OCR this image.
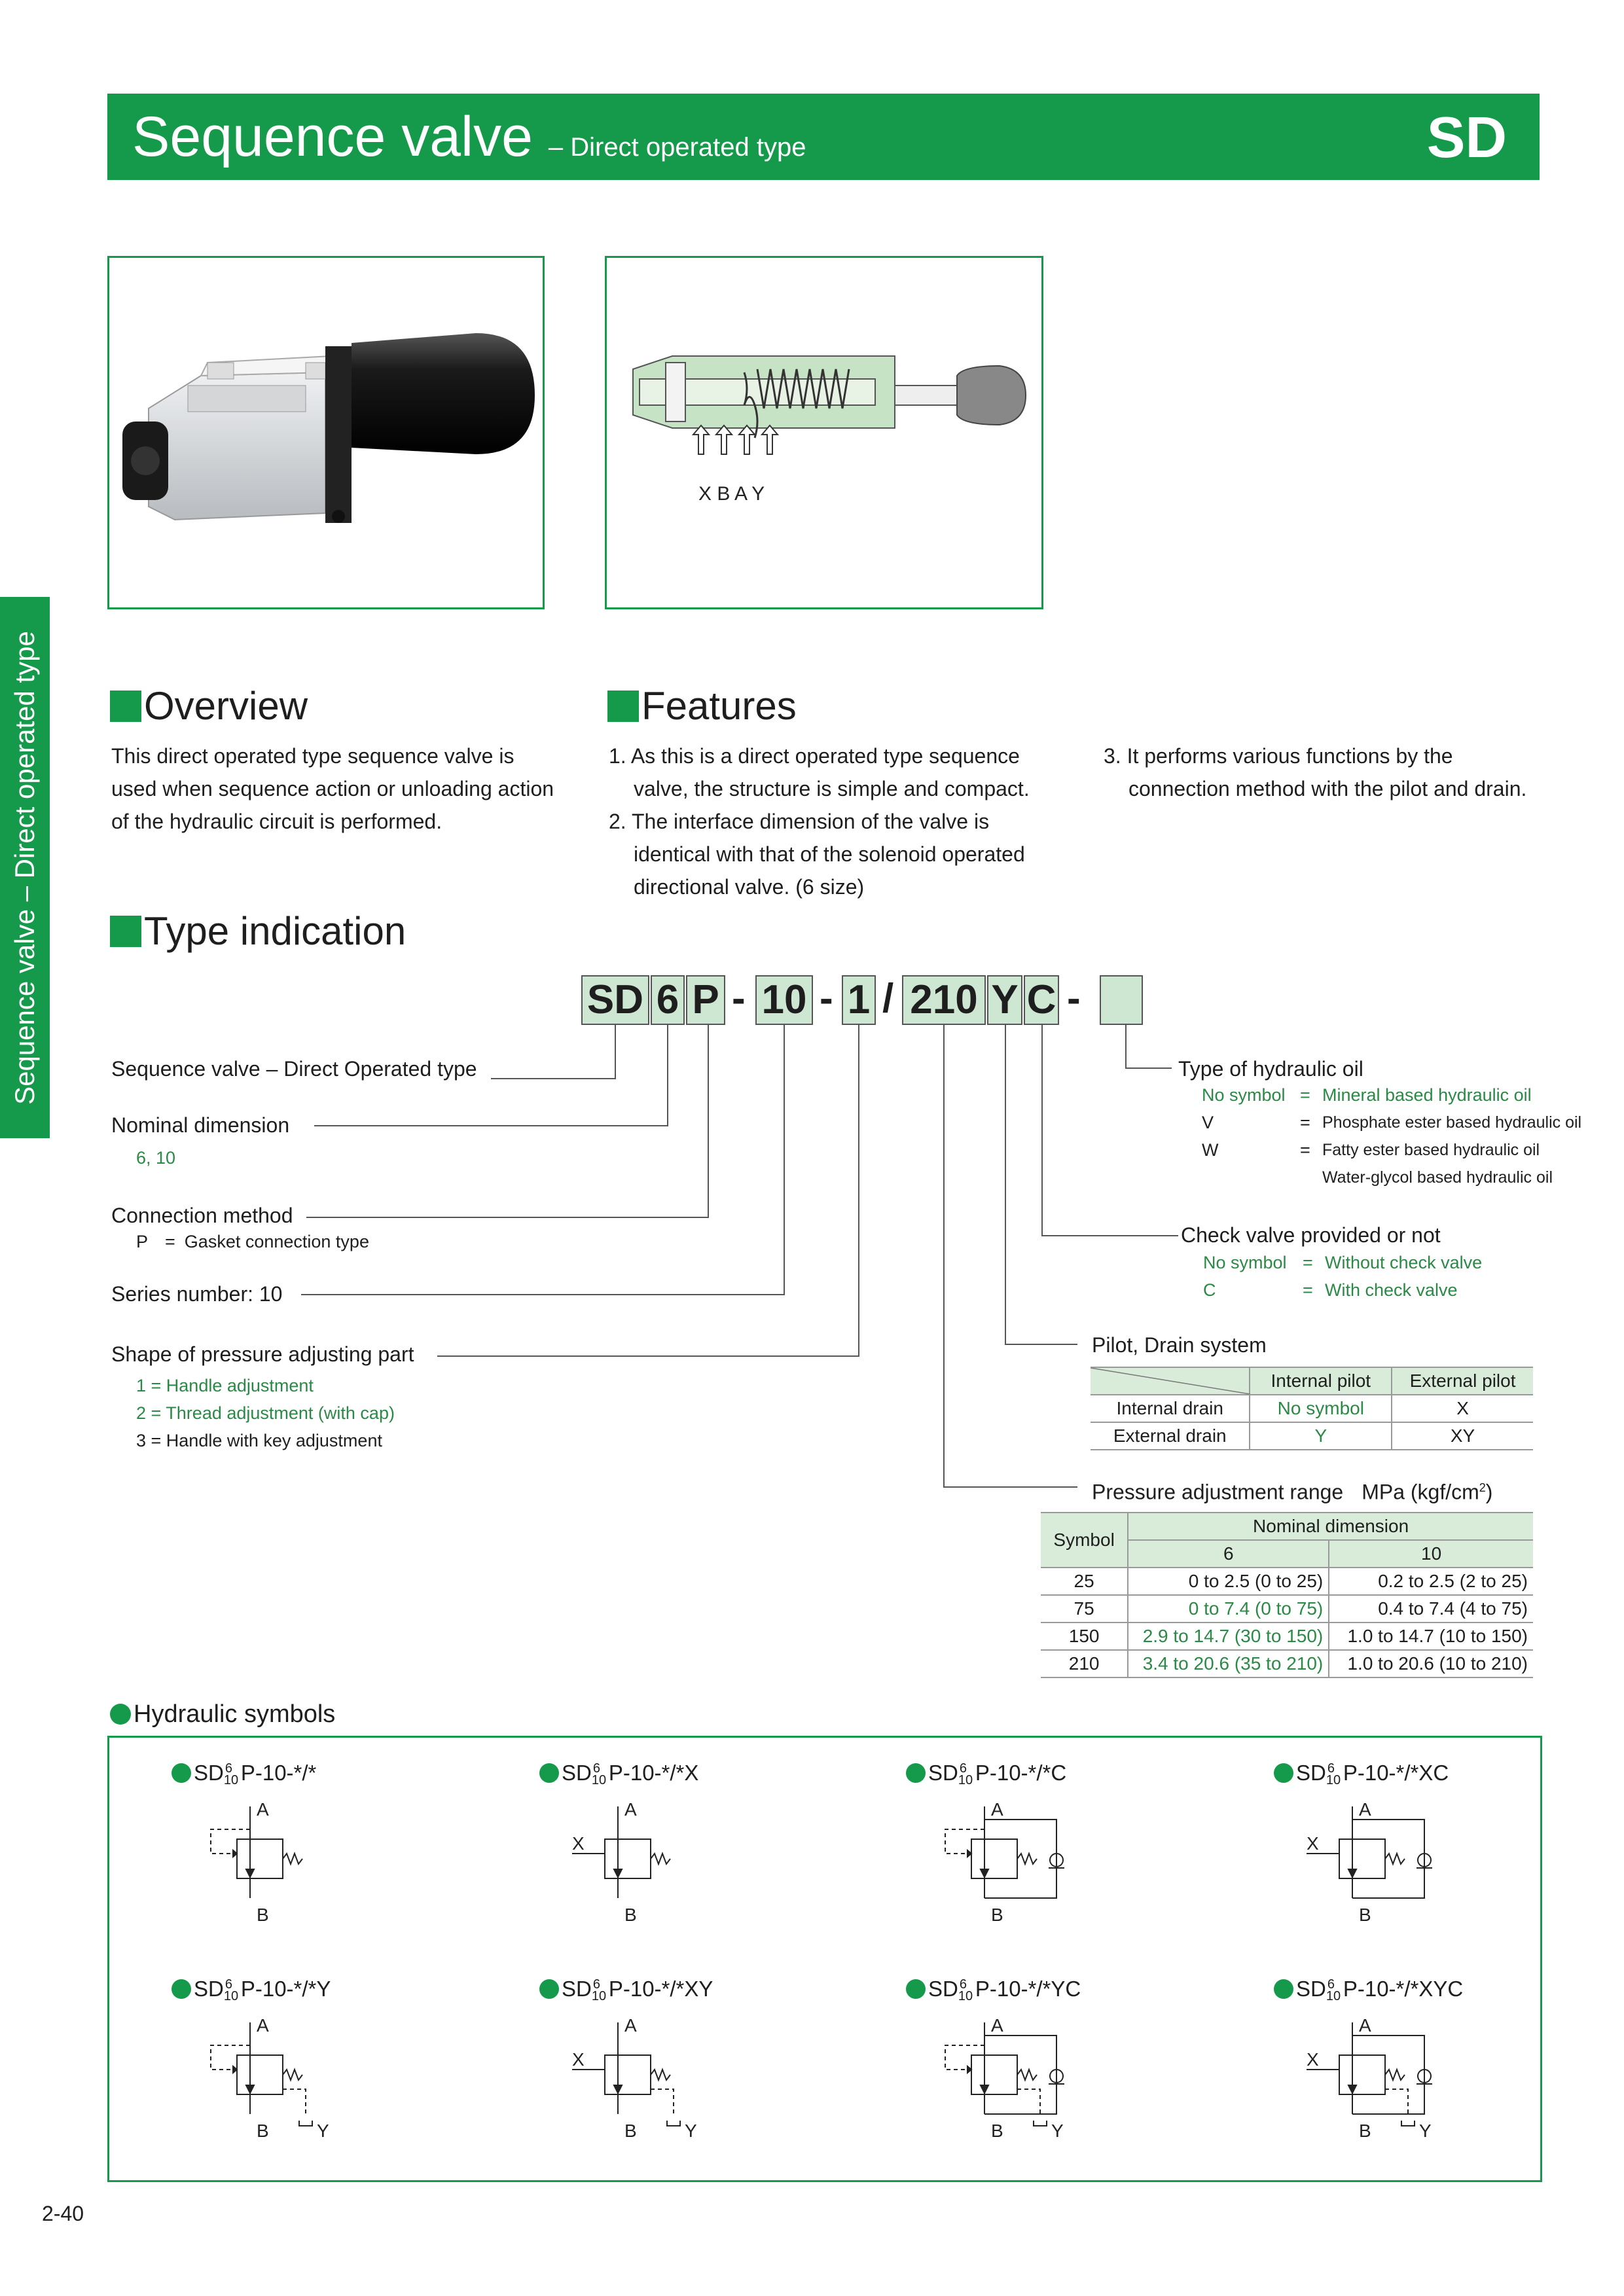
Sequence valve – Direct operated type	SD
Sequence valve – Direct operated type
X B A Y
Overview
This direct operated type sequence valve is used when sequence action or unloading action of the hydraulic circuit is performed.
Features
1. As this is a direct operated type sequence
valve, the structure is simple and compact.
2. The interface dimension of the valve is
identical with that of the solenoid operated
directional valve. (6 size)
3. It performs various functions by the
connection method with the pilot and drain.
Type indication
SD 6 P - 10 - 1 / 210 Y C -
Sequence valve – Direct Operated type
Nominal dimension
6, 10
Connection method
P = Gasket connection type
Series number: 10
Shape of pressure adjusting part
1 = Handle adjustment
2 = Thread adjustment (with cap)
3 = Handle with key adjustment
Type of hydraulic oil
No symbol = Mineral based hydraulic oil
V	= Phosphate ester based hydraulic oil
W	= Fatty ester based hydraulic oil
Water-glycol based hydraulic oil
Check valve provided or not
No symbol = Without check valve
C	= With check valve
Pilot, Drain system
	Internal pilot	External pilot
Internal drain	No symbol	X
External drain	Y	XY
Pressure adjustment range MPa $(kgf/cm^2)$
Symbol	Nominal dimension	
	6	10
25	0 to 2.5 (0 to 25)	0.2 to 2.5 (2 to 25)
75	0 to 7.4 (0 to 75)	0.4 to 7.4 (4 to 75)
150	2.9 to 14.7 (30 to 150)	1.0 to 14.7 (10 to 150)
210	3.4 to 20.6 (35 to 210)	1.0 to 20.6 (10 to 210)
Hydraulic symbols
SD 6
10 P-10-*/*
A
B
SD 6
10 P-10-*/*X
A
B
X
SD 6
10 P-10-*/*C
A
B
SD 6
10 P-10-*/*XC
A
B
X
SD 6
10 P-10-*/*Y
A
B	Y
SD 6
10 P-10-*/*XY
A
B
X
Y
SD 6
10 P-10-*/*YC
A
B	Y
SD 6
10 P-10-*/*XYC
A
B
X
Y
2-40
